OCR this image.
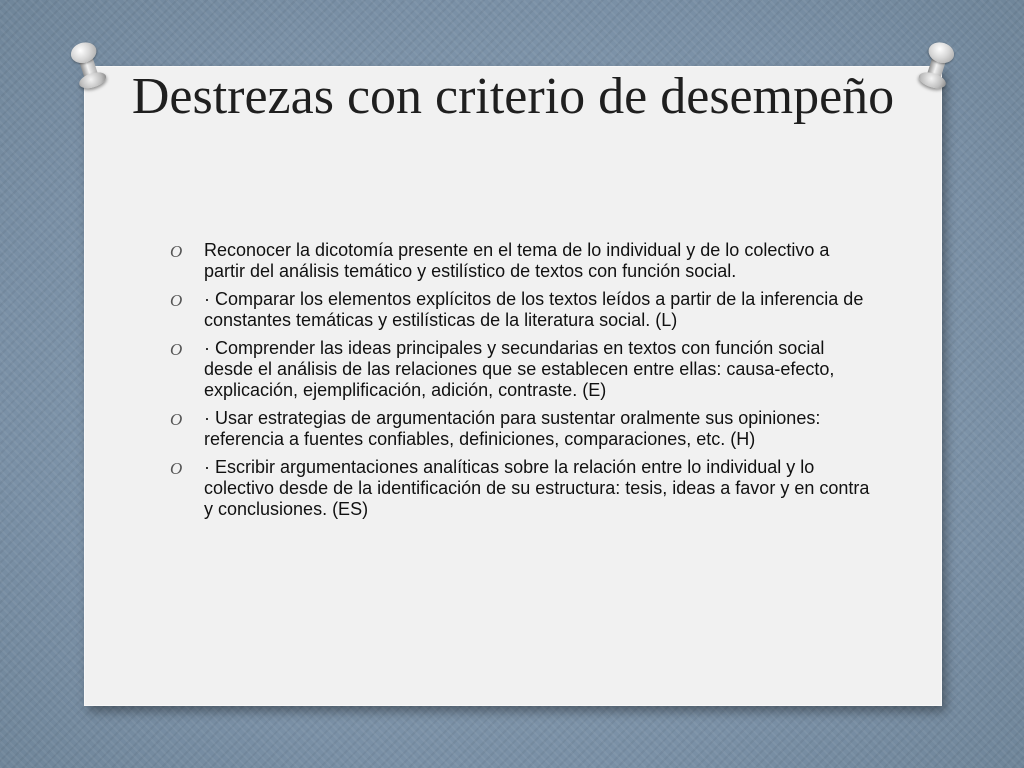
Destrezas con criterio de desempeño
O Reconocer la dicotomía presente en el tema de lo individual y de lo colectivo a partir del análisis temático y estilístico de textos con función social.
O · Comparar los elementos explícitos de los textos leídos a partir de la inferencia de constantes temáticas y estilísticas de la literatura social. (L)
O · Comprender las ideas principales y secundarias en textos con función social desde el análisis de las relaciones que se establecen entre ellas: causa-efecto, explicación, ejemplificación, adición, contraste. (E)
O · Usar estrategias de argumentación para sustentar oralmente sus opiniones: referencia a fuentes confiables, definiciones, comparaciones, etc. (H)
O · Escribir argumentaciones analíticas sobre la relación entre lo individual y lo colectivo desde de la identificación de su estructura: tesis, ideas a favor y en contra y conclusiones. (ES)
